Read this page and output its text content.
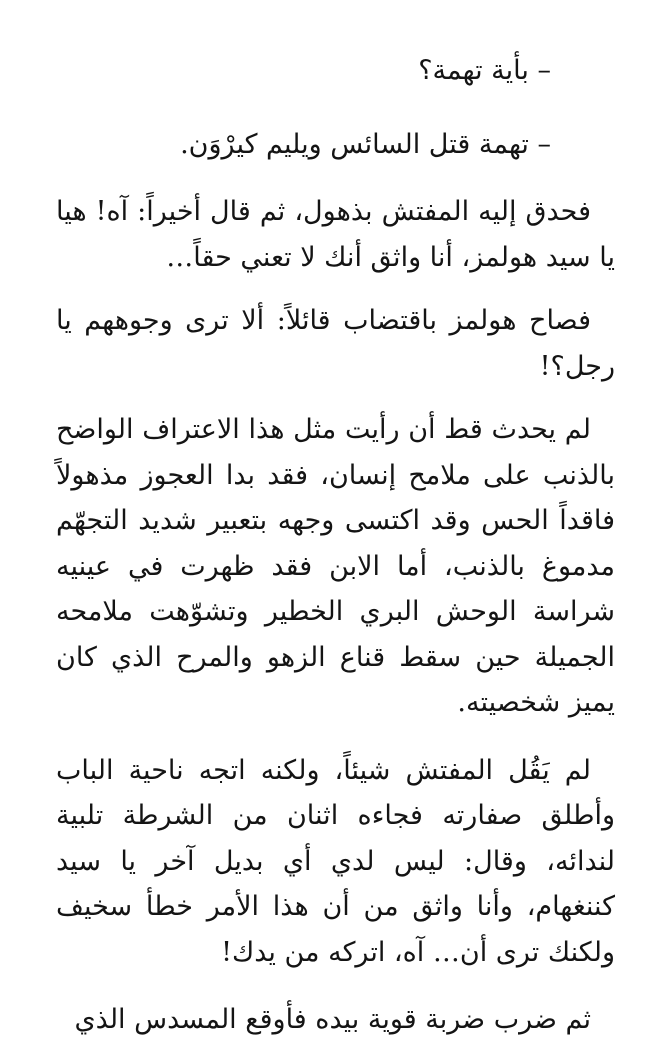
– بأية تهمة؟

– تهمة قتل السائس ويليم كيرْوَن.

فحدق إليه المفتش بذهول، ثم قال أخيراً: آه! هيا يا سيد هولمز، أنا واثق أنك لا تعني حقاً…

فصاح هولمز باقتضاب قائلاً: ألا ترى وجوههم يا رجل؟!

لم يحدث قط أن رأيت مثل هذا الاعتراف الواضح بالذنب على ملامح إنسان، فقد بدا العجوز مذهولاً فاقداً الحس وقد اكتسى وجهه بتعبير شديد التجهّم مدموغ بالذنب، أما الابن فقد ظهرت في عينيه شراسة الوحش البري الخطير وتشوّهت ملامحه الجميلة حين سقط قناع الزهو والمرح الذي كان يميز شخصيته.

لم يَقُل المفتش شيئاً، ولكنه اتجه ناحية الباب وأطلق صفارته فجاءه اثنان من الشرطة تلبية لندائه، وقال: ليس لدي أي بديل آخر يا سيد كننغهام، وأنا واثق من أن هذا الأمر خطأ سخيف ولكنك ترى أن… آه، اتركه من يدك!

ثم ضرب ضربة قوية بيده فأوقع المسدس الذي
